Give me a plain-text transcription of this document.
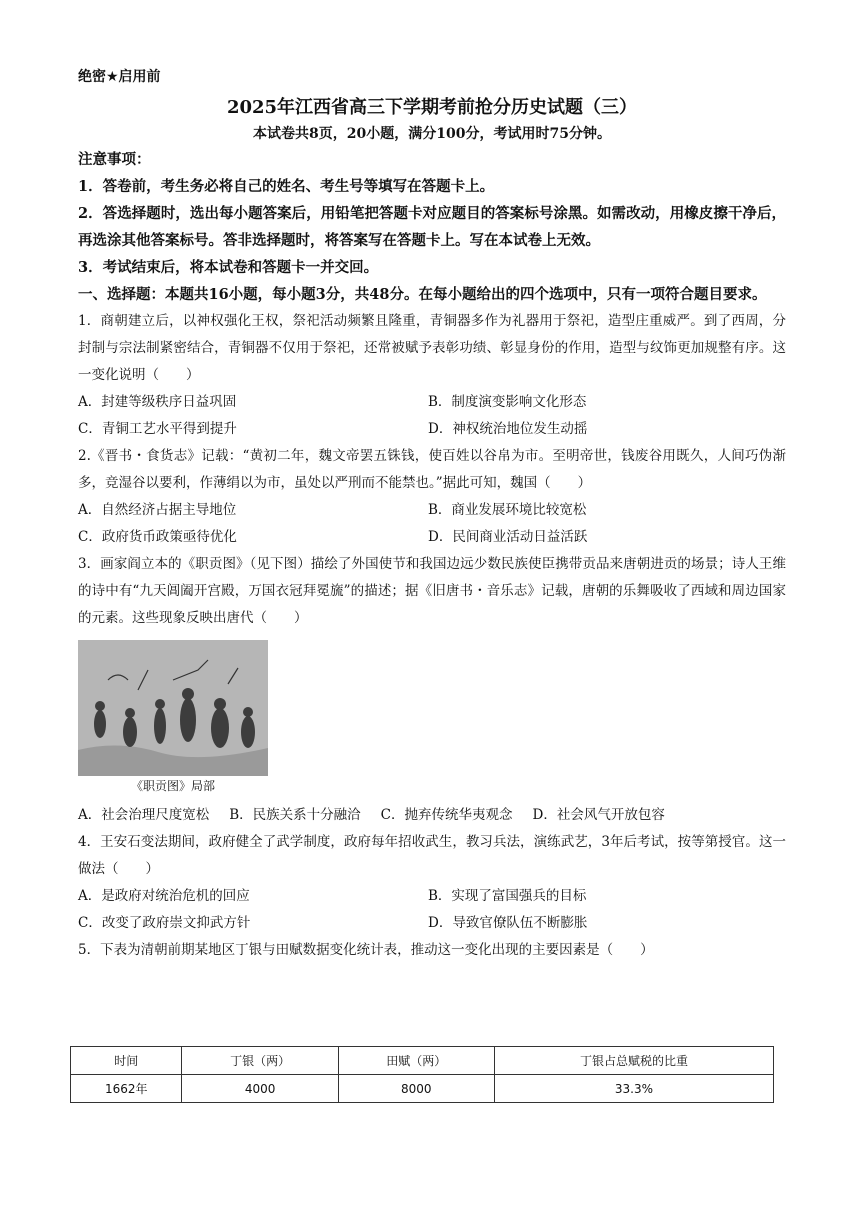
绝密★启用前
2025年江西省高三下学期考前抢分历史试题（三）
本试卷共8页，20小题，满分100分，考试用时75分钟。
注意事项：
1．答卷前，考生务必将自己的姓名、考生号等填写在答题卡上。
2．答选择题时，选出每小题答案后，用铅笔把答题卡对应题目的答案标号涂黑。如需改动，用橡皮擦干净后，再选涂其他答案标号。答非选择题时，将答案写在答题卡上。写在本试卷上无效。
3．考试结束后，将本试卷和答题卡一并交回。
一、选择题：本题共16小题，每小题3分，共48分。在每小题给出的四个选项中，只有一项符合题目要求。
1．商朝建立后，以神权强化王权，祭祀活动频繁且隆重，青铜器多作为礼器用于祭祀，造型庄重威严。到了西周，分封制与宗法制紧密结合，青铜器不仅用于祭祀，还常被赋予表彰功绩、彰显身份的作用，造型与纹饰更加规整有序。这一变化说明（　　）
A．封建等级秩序日益巩固	B．制度演变影响文化形态
C．青铜工艺水平得到提升	D．神权统治地位发生动摇
2.《晋书・食货志》记载：“黄初二年，魏文帝罢五铢钱，使百姓以谷帛为市。至明帝世，钱废谷用既久，人间巧伪渐多，竞湿谷以要利，作薄绢以为市，虽处以严刑而不能禁也。”据此可知，魏国（　　）
A．自然经济占据主导地位	B．商业发展环境比较宽松
C．政府货币政策亟待优化	D．民间商业活动日益活跃
3．画家阎立本的《职贡图》（见下图）描绘了外国使节和我国边远少数民族使臣携带贡品来唐朝进贡的场景；诗人王维的诗中有“九天阊阖开宫殿，万国衣冠拜冕旒”的描述；据《旧唐书・音乐志》记载，唐朝的乐舞吸收了西域和周边国家的元素。这些现象反映出唐代（　　）
《职贡图》局部
A．社会治理尺度宽松 B．民族关系十分融洽 C．抛弃传统华夷观念 D．社会风气开放包容
4．王安石变法期间，政府健全了武学制度，政府每年招收武生，教习兵法，演练武艺，3年后考试，按等第授官。这一做法（　　）
A．是政府对统治危机的回应	B．实现了富国强兵的目标
C．改变了政府崇文抑武方针	D．导致官僚队伍不断膨胀
5．下表为清朝前期某地区丁银与田赋数据变化统计表，推动这一变化出现的主要因素是（　　）
时间	丁银（两）	田赋（两）	丁银占总赋税的比重
1662年	4000	8000	33.3%
